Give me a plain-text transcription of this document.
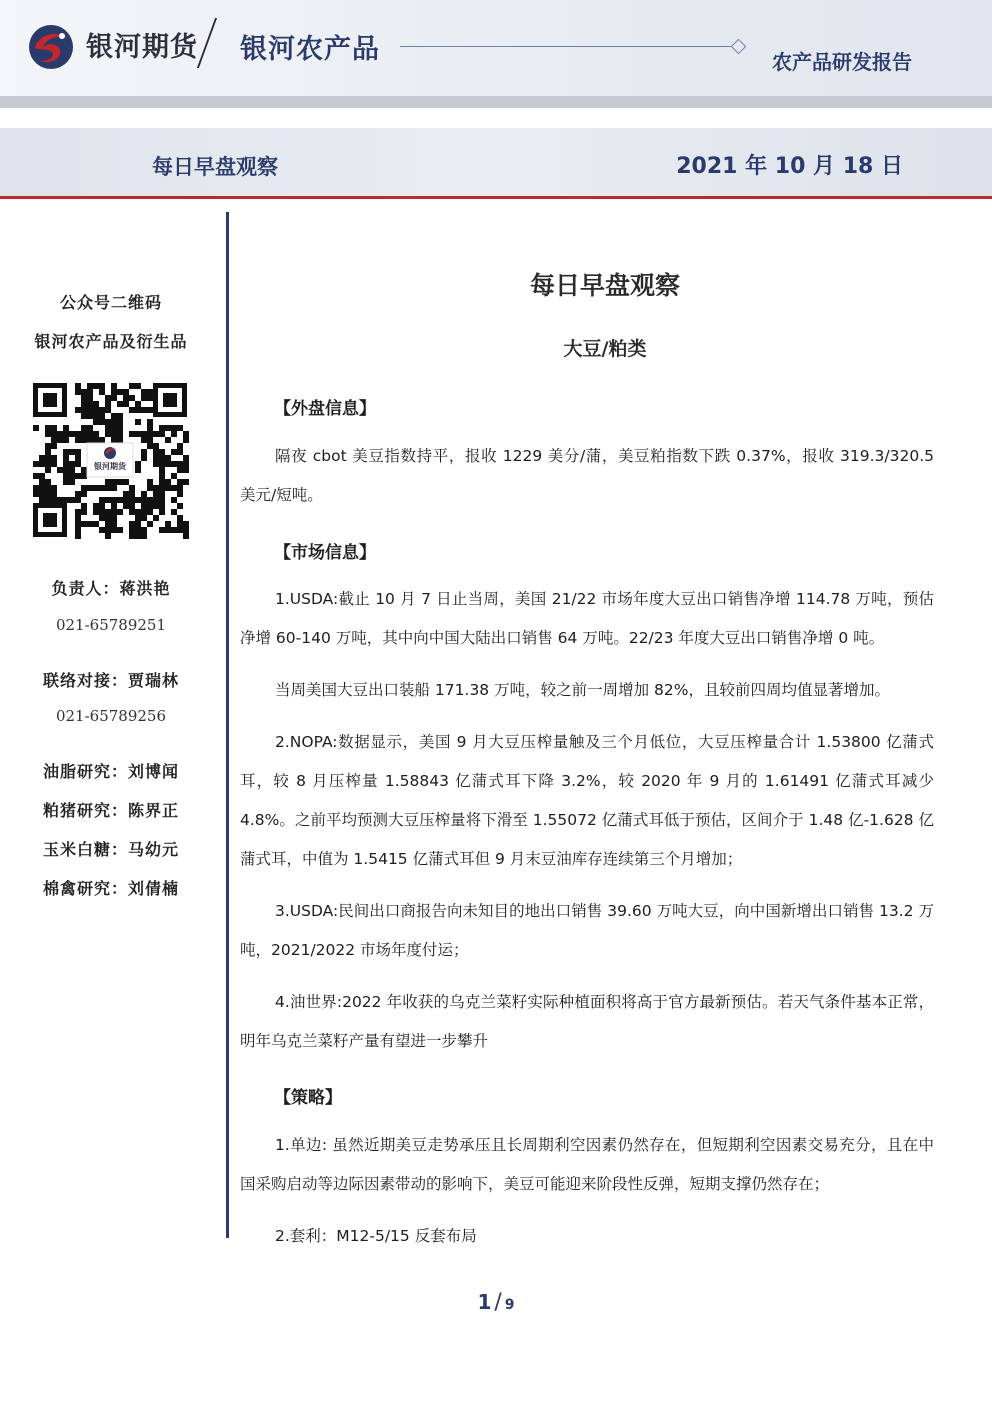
银河期货 银河农产品	农产品研发报告
每日早盘观察	2021 年 10 月 18 日
公众号二维码
银河农产品及衍生品
银河期货
负责人：蒋洪艳
021-65789251
联络对接：贾瑞林
021-65789256
油脂研究：刘博闻
粕猪研究：陈界正
玉米白糖：马幼元
棉禽研究：刘倩楠
每日早盘观察
大豆/粕类
【外盘信息】

隔夜 cbot 美豆指数持平，报收 1229 美分/蒲，美豆粕指数下跌 0.37%，报收 319.3/320.5 美元/短吨。

【市场信息】

1.USDA:截止 10 月 7 日止当周，美国 21/22 市场年度大豆出口销售净增 114.78 万吨，预估净增 60-140 万吨，其中向中国大陆出口销售 64 万吨。22/23 年度大豆出口销售净增 0 吨。

当周美国大豆出口装船 171.38 万吨，较之前一周增加 82%，且较前四周均值显著增加。

2.NOPA:数据显示，美国 9 月大豆压榨量触及三个月低位，大豆压榨量合计 1.53800 亿蒲式耳，较 8 月压榨量 1.58843 亿蒲式耳下降 3.2%，较 2020 年 9 月的 1.61491 亿蒲式耳减少 4.8%。之前平均预测大豆压榨量将下滑至 1.55072 亿蒲式耳低于预估，区间介于 1.48 亿-1.628 亿蒲式耳，中值为 1.5415 亿蒲式耳但 9 月末豆油库存连续第三个月增加；

3.USDA:民间出口商报告向未知目的地出口销售 39.60 万吨大豆，向中国新增出口销售 13.2 万吨，2021/2022 市场年度付运；

4.油世界:2022 年收获的乌克兰菜籽实际种植面积将高于官方最新预估。若天气条件基本正常，明年乌克兰菜籽产量有望进一步攀升

【策略】

1.单边: 虽然近期美豆走势承压且长周期利空因素仍然存在，但短期利空因素交易充分，且在中国采购启动等边际因素带动的影响下，美豆可能迎来阶段性反弹，短期支撑仍然存在；

2.套利：M12-5/15 反套布局

1 / 9
